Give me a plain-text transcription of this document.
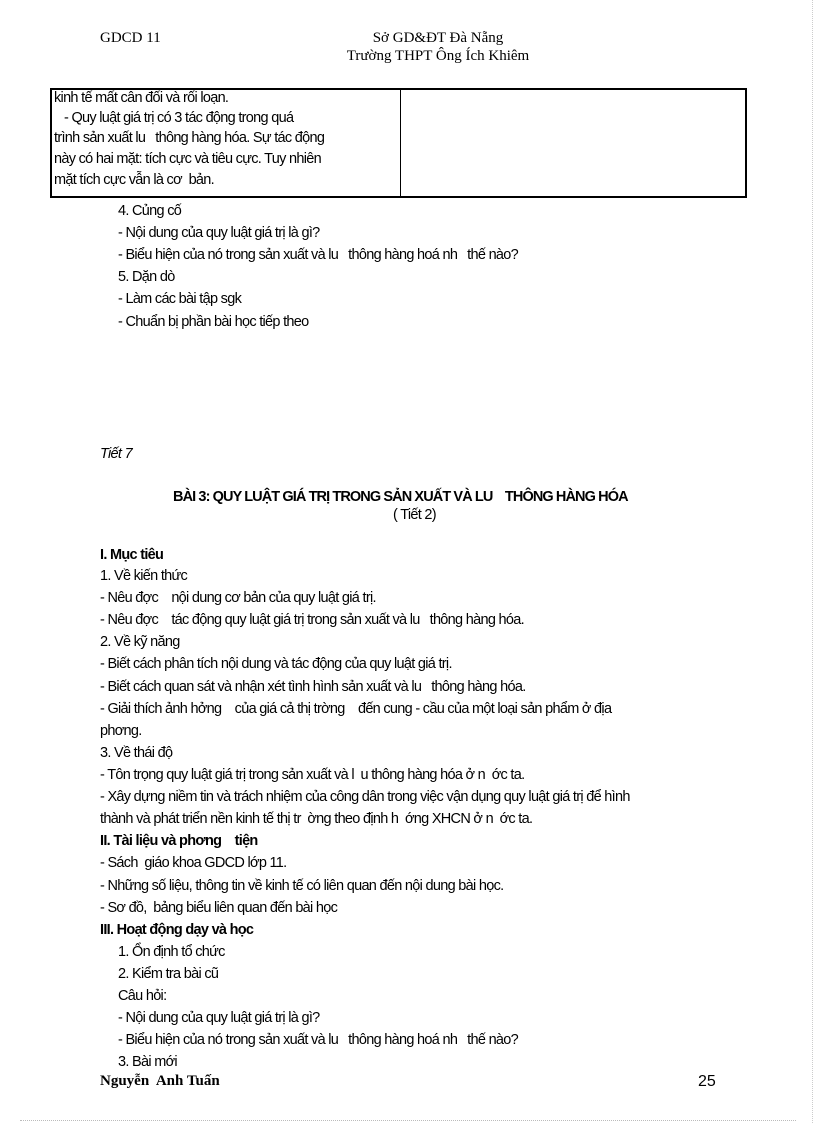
GDCD 11	Sở GD&ĐT Đà Nẵng
Trường THPT Ông Ích Khiêm
kinh tế mất cân đối và rối loạn.
- Quy luật giá trị có 3 tác động trong quá
trình sản xuất lu   thông hàng hóa. Sự tác động
này có hai mặt: tích cực và tiêu cực. Tuy nhiên
mặt tích cực vẫn là cơ  bản.
4. Củng cố
- Nội dung của quy luật giá trị là gì?
- Biểu hiện của nó trong sản xuất và lu   thông hàng hoá nh   thế nào?
5. Dặn dò
- Làm các bài tập sgk
- Chuẩn bị phần bài học tiếp theo
Tiết 7
BÀI 3: QUY LUẬT GIÁ TRỊ TRONG SẢN XUẤT VÀ LU    THÔNG HÀNG HÓA
( Tiết 2)
I. Mục tiêu
1. Về kiến thức
- Nêu đợc    nội dung cơ bản của quy luật giá trị.
- Nêu đợc    tác động quy luật giá trị trong sản xuất và lu   thông hàng hóa.
2. Về kỹ năng
- Biết cách phân tích nội dung và tác động của quy luật giá trị.
- Biết cách quan sát và nhận xét tình hình sản xuất và lu   thông hàng hóa.
- Giải thích ảnh hởng    của giá cả thị trờng    đến cung - cầu của một loại sản phẩm ở địa
phơng.
3. Về thái độ
- Tôn trọng quy luật giá trị trong sản xuất và l  u thông hàng hóa ở n  ớc ta.
- Xây dựng niềm tin và trách nhiệm của công dân trong việc vận dụng quy luật giá trị để hình
thành và phát triển nền kinh tế thị tr  ờng theo định h  ớng XHCN ở n  ớc ta.
II. Tài liệu và phơng    tiện
- Sách  giáo khoa GDCD lớp 11.
- Những số liệu, thông tin về kinh tế có liên quan đến nội dung bài học.
- Sơ đồ,  bảng biểu liên quan đến bài học
III. Hoạt động dạy và học
1. Ổn định tổ chức
2. Kiểm tra bài cũ
Câu hỏi:
- Nội dung của quy luật giá trị là gì?
- Biểu hiện của nó trong sản xuất và lu   thông hàng hoá nh   thế nào?
3. Bài mới
Nguyễn  Anh Tuấn	25
